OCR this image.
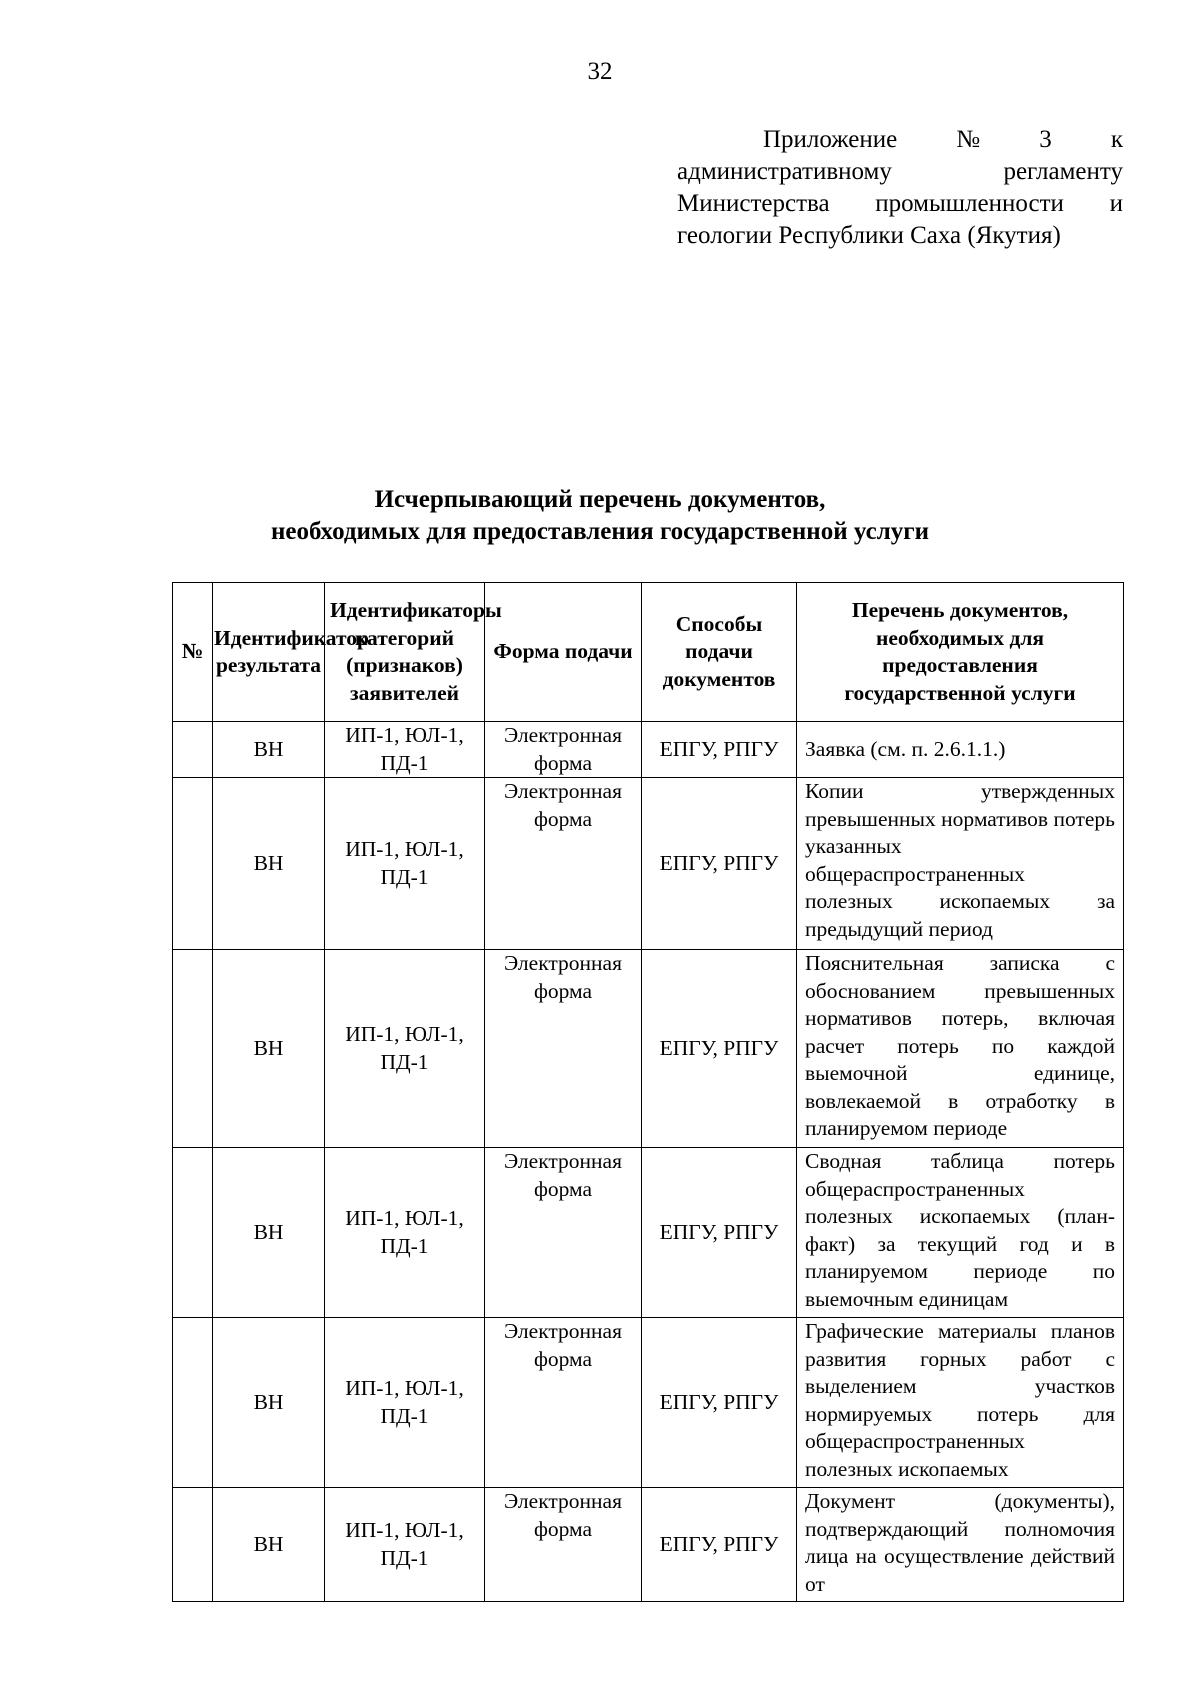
32
Приложение № 3 к
административному	регламенту
Министерства промышленности и
геологии Республики Саха (Якутия)
Исчерпывающий перечень документов,
необходимых для предоставления государственной услуги
№	Идентификатор результата	Идентификаторы категорий (признаков) заявителей	Форма подачи	Способы подачи документов	Перечень документов, необходимых для предоставления государственной услуги
	ВН	ИП-1, ЮЛ-1, ПД-1	Электронная форма	ЕПГУ, РПГУ	Заявка (см. п. 2.6.1.1.)
	ВН	ИП-1, ЮЛ-1, ПД-1	Электронная форма	ЕПГУ, РПГУ	Копии утвержденных превышенных нормативов потерь указанных общераспространенных полезных ископаемых за
предыдущий период

	ВН	ИП-1, ЮЛ-1, ПД-1	Электронная форма	ЕПГУ, РПГУ	Пояснительная записка с обоснованием превышенных нормативов потерь, включая расчет потерь по каждой выемочной единице, вовлекаемой в отработку в
планируемом периоде

	ВН	ИП-1, ЮЛ-1, ПД-1	Электронная форма	ЕПГУ, РПГУ	Сводная таблица потерь общераспространенных полезных ископаемых (план-факт) за текущий год и в планируемом периоде по
выемочным единицам

	ВН	ИП-1, ЮЛ-1, ПД-1	Электронная форма	ЕПГУ, РПГУ	Графические материалы планов развития горных работ с выделением участков нормируемых потерь для общераспространенных
полезных ископаемых

	ВН	ИП-1, ЮЛ-1, ПД-1	Электронная форма	ЕПГУ, РПГУ	Документ (документы), подтверждающий полномочия лица на осуществление действий от
